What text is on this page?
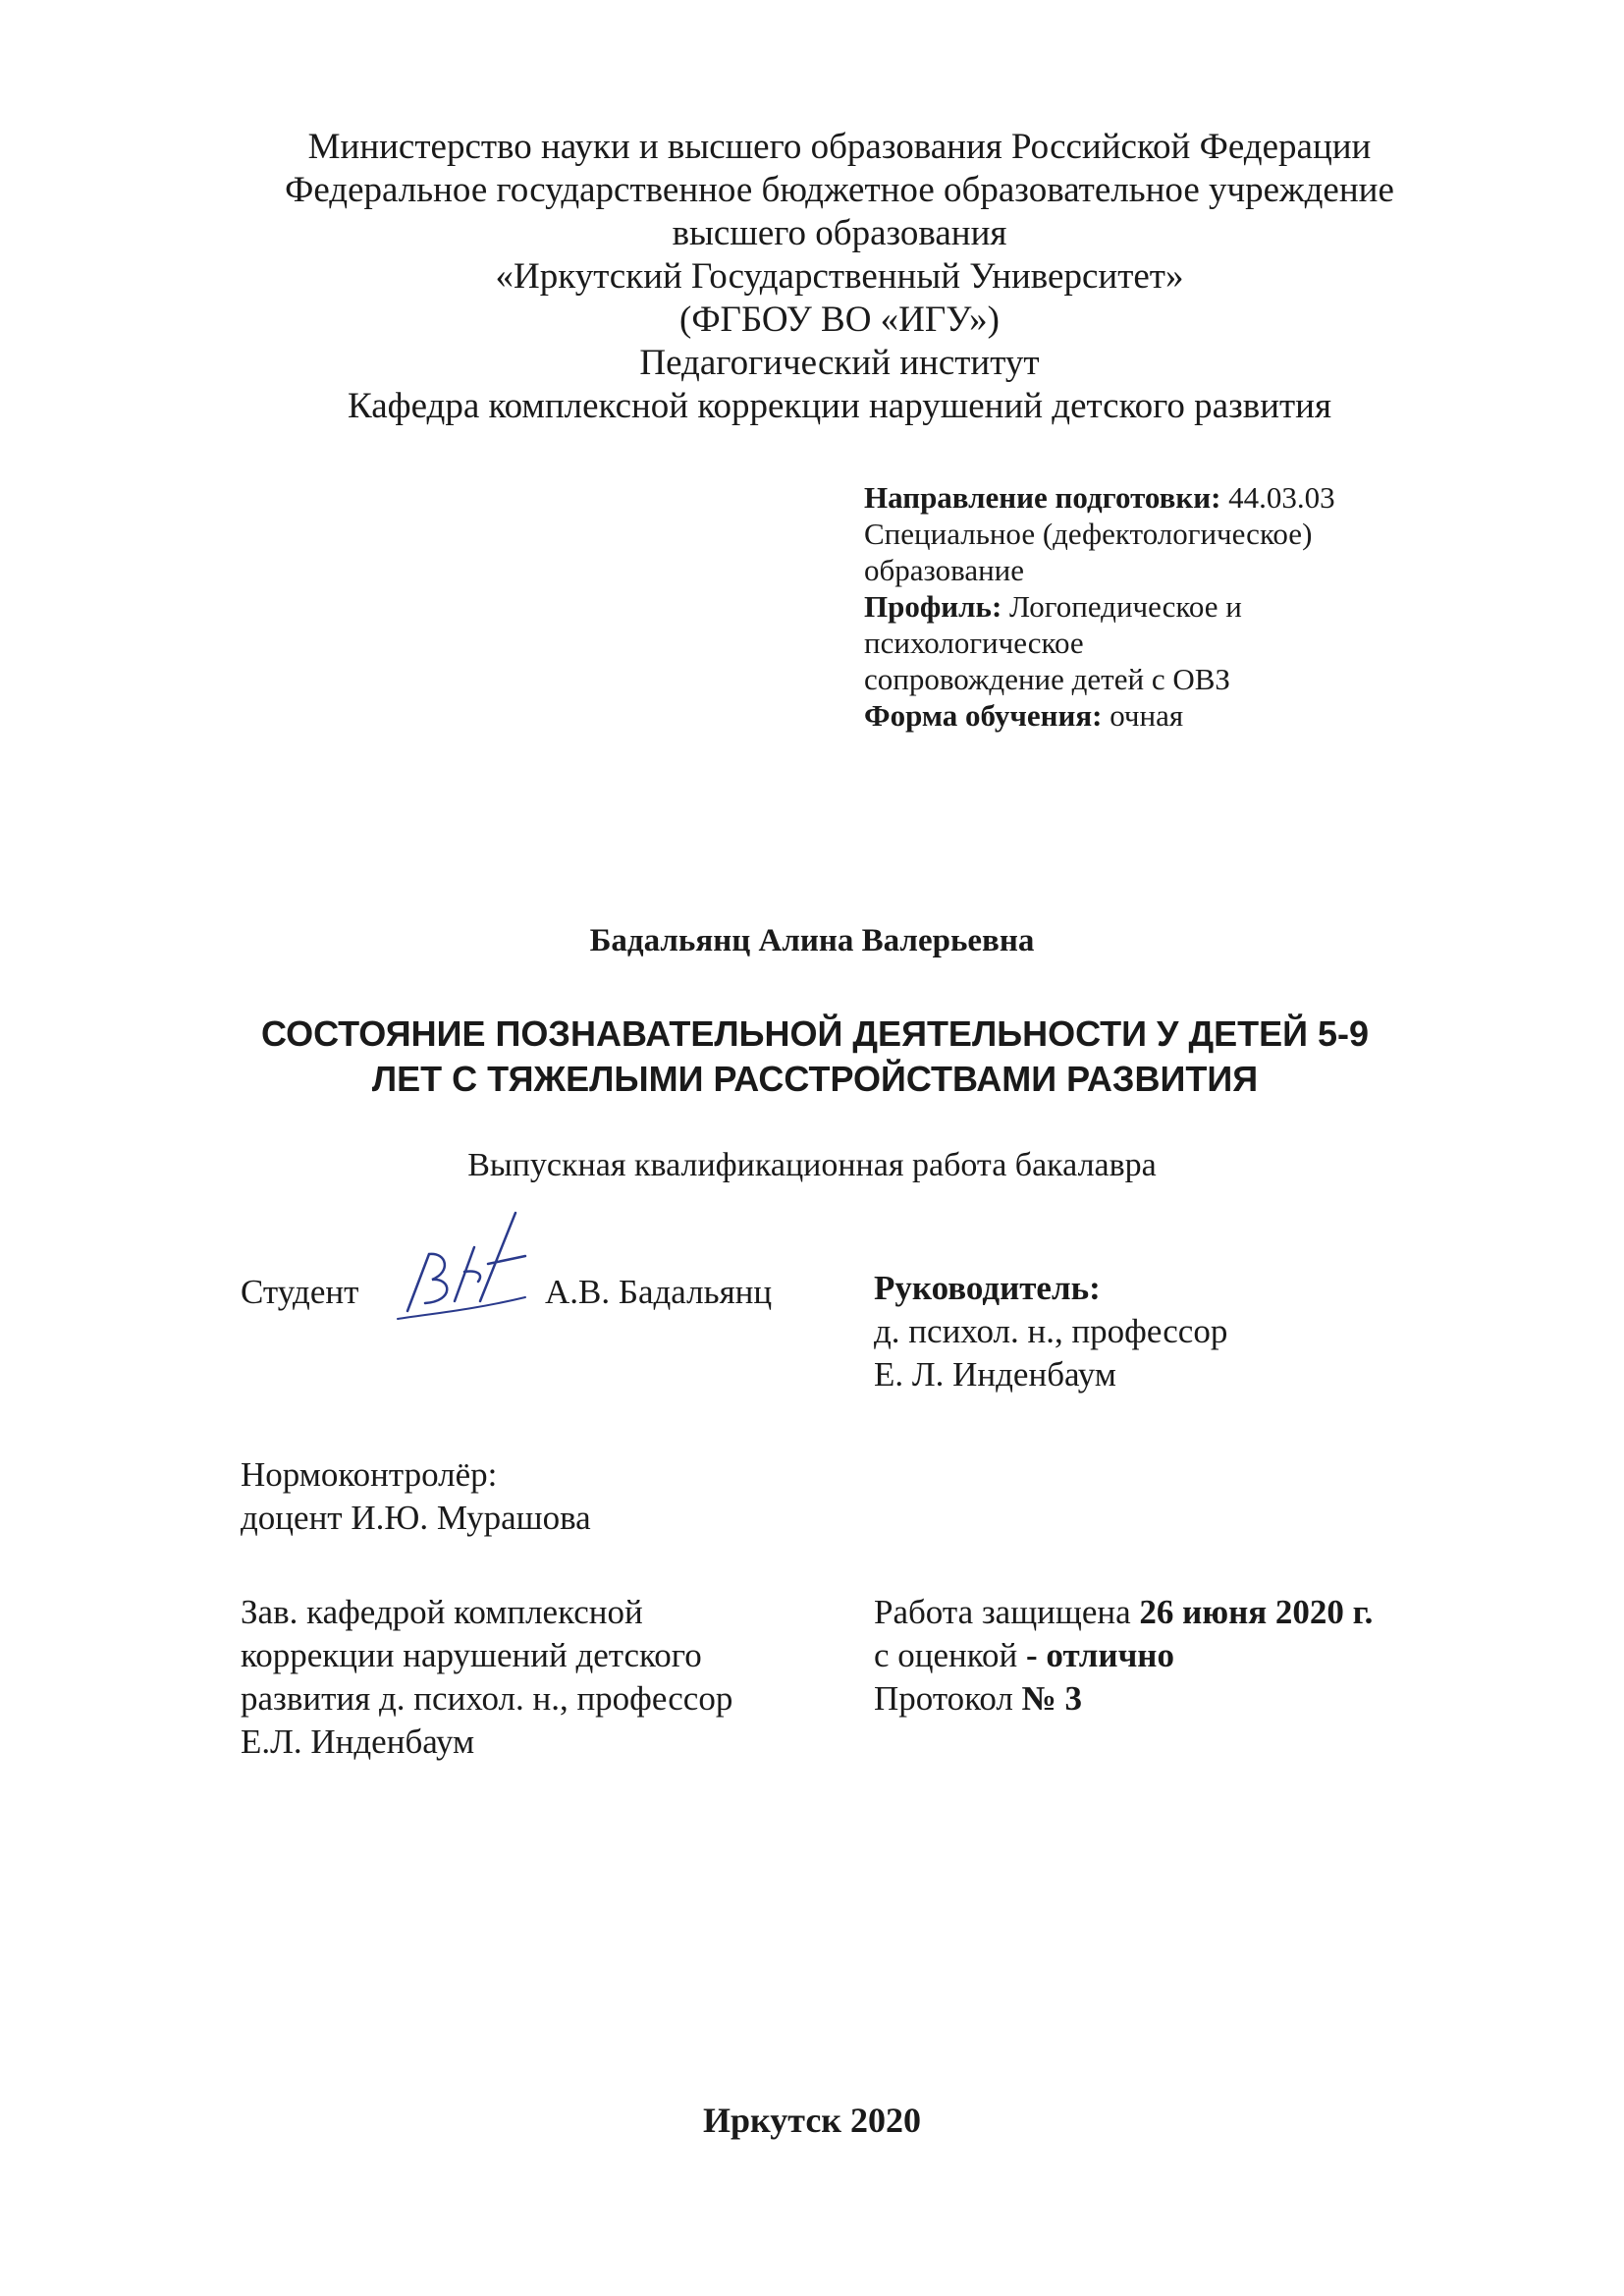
Министерство науки и высшего образования Российской Федерации
Федеральное государственное бюджетное образовательное учреждение
высшего образования
«Иркутский Государственный Университет»
(ФГБОУ ВО «ИГУ»)
Педагогический институт
Кафедра комплексной коррекции нарушений детского развития
Направление подготовки: 44.03.03
Специальное (дефектологическое)
образование
Профиль: Логопедическое и
психологическое
сопровождение детей с ОВЗ
Форма обучения: очная
Бадальянц Алина Валерьевна
СОСТОЯНИЕ ПОЗНАВАТЕЛЬНОЙ ДЕЯТЕЛЬНОСТИ У ДЕТЕЙ 5-9
ЛЕТ С ТЯЖЕЛЫМИ РАССТРОЙСТВАМИ РАЗВИТИЯ
Выпускная квалификационная работа бакалавра
Студент	А.В. Бадальянц	Руководитель:
д. психол. н., профессор
Е. Л. Инденбаум
Нормоконтролёр:
доцент И.Ю. Мурашова
Зав. кафедрой комплексной
коррекции нарушений детского
развития д. психол. н., профессор
Е.Л. Инденбаум
Работа защищена 26 июня 2020 г.
с оценкой - отлично
Протокол № 3
Иркутск 2020
